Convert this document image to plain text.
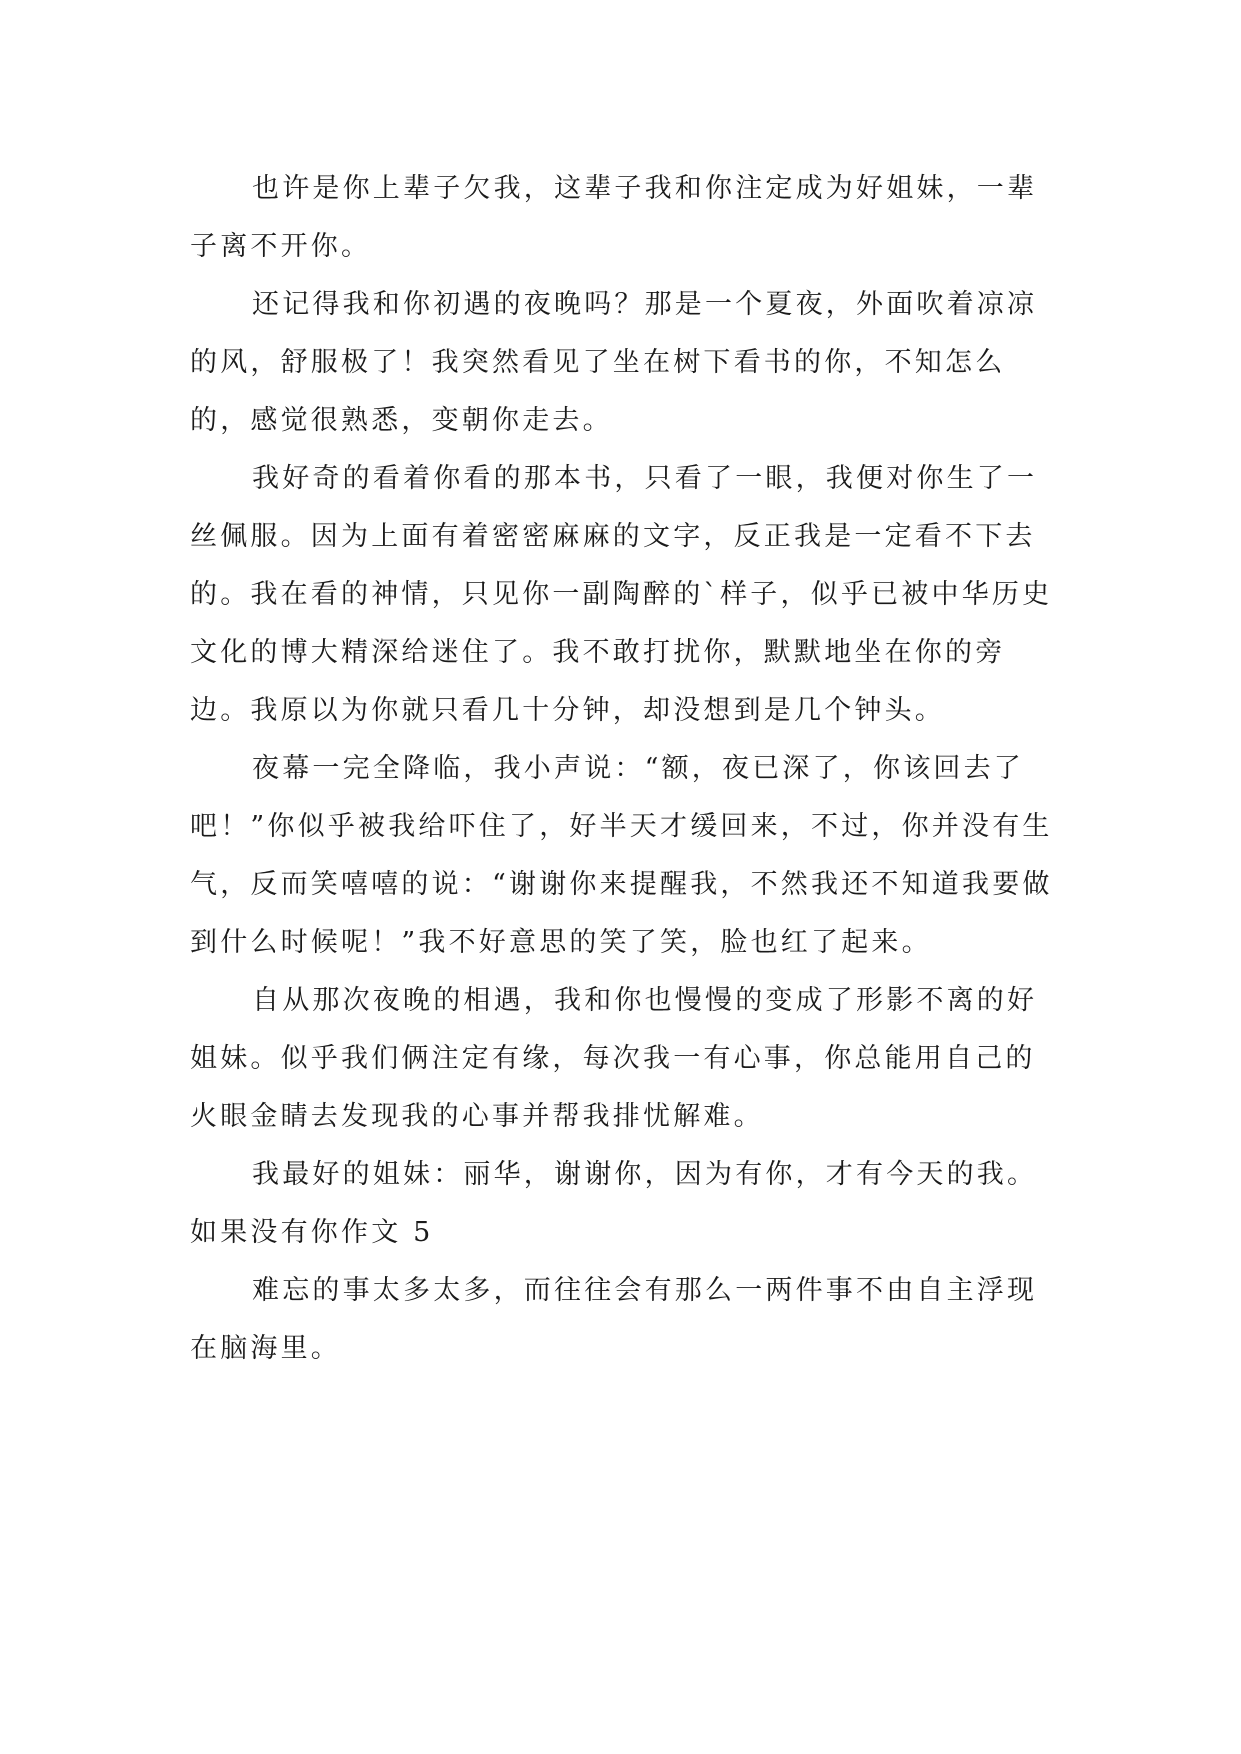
也许是你上辈子欠我，这辈子我和你注定成为好姐妹，一辈子离不开你。

还记得我和你初遇的夜晚吗？那是一个夏夜，外面吹着凉凉的风，舒服极了！我突然看见了坐在树下看书的你，不知怎么的，感觉很熟悉，变朝你走去。

我好奇的看着你看的那本书，只看了一眼，我便对你生了一丝佩服。因为上面有着密密麻麻的文字，反正我是一定看不下去的。我在看的神情，只见你一副陶醉的`样子，似乎已被中华历史文化的博大精深给迷住了。我不敢打扰你，默默地坐在你的旁边。我原以为你就只看几十分钟，却没想到是几个钟头。

夜幕一完全降临，我小声说：“额，夜已深了，你该回去了吧！”你似乎被我给吓住了，好半天才缓回来，不过，你并没有生气，反而笑嘻嘻的说：“谢谢你来提醒我，不然我还不知道我要做到什么时候呢！”我不好意思的笑了笑，脸也红了起来。

自从那次夜晚的相遇，我和你也慢慢的变成了形影不离的好姐妹。似乎我们俩注定有缘，每次我一有心事，你总能用自己的火眼金睛去发现我的心事并帮我排忧解难。

我最好的姐妹：丽华，谢谢你，因为有你，才有今天的我。

如果没有你作文 5

难忘的事太多太多，而往往会有那么一两件事不由自主浮现在脑海里。
